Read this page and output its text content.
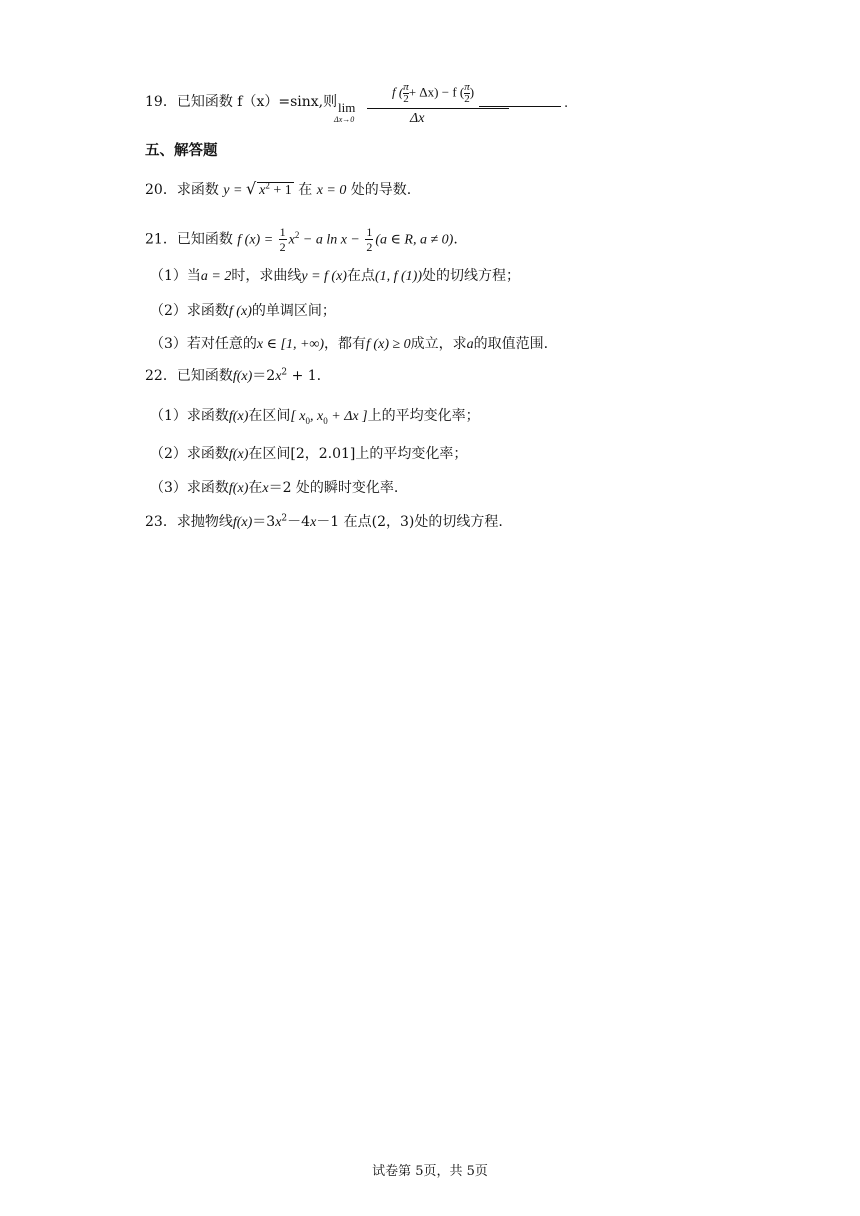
19．已知函数 f（x）=sinx,则 lim
Δx→0
f ( $\frac{\pi}{2} + \Delta x) - f$ ( $\frac{\pi}{2}$ )
Δx
.
五、解答题
20．求函数 y = √ $x^2 + 1$ 在 x = 0 处的导数.
21．已知函数 f $(x) = \frac{1}{2} x^2 - a$ $\ln x - \frac{1}{2} (a$ ∈ R, a ≠ 0).
（1）当a = 2时，求曲线y = f (x)在点(1, f (1))处的切线方程；
（2）求函数f (x)的单调区间；
（3）若对任意的x ∈ [1, +∞)，都有f (x) ≥ 0成立，求a的取值范围.
22．已知函数$f(x)=2x^2 + 1$.
（1）求函数f(x)在区间[ $x_0$, $x_0 + \Delta x$ ]上的平均变化率；
（2）求函数f(x)在区间[2，2.01]上的平均变化率；
（3）求函数f(x)在x＝2 处的瞬时变化率.
23．求抛物线$f(x)=3x^2-4x-1$ 在点(2，3)处的切线方程.
试卷第 5页，共 5页
